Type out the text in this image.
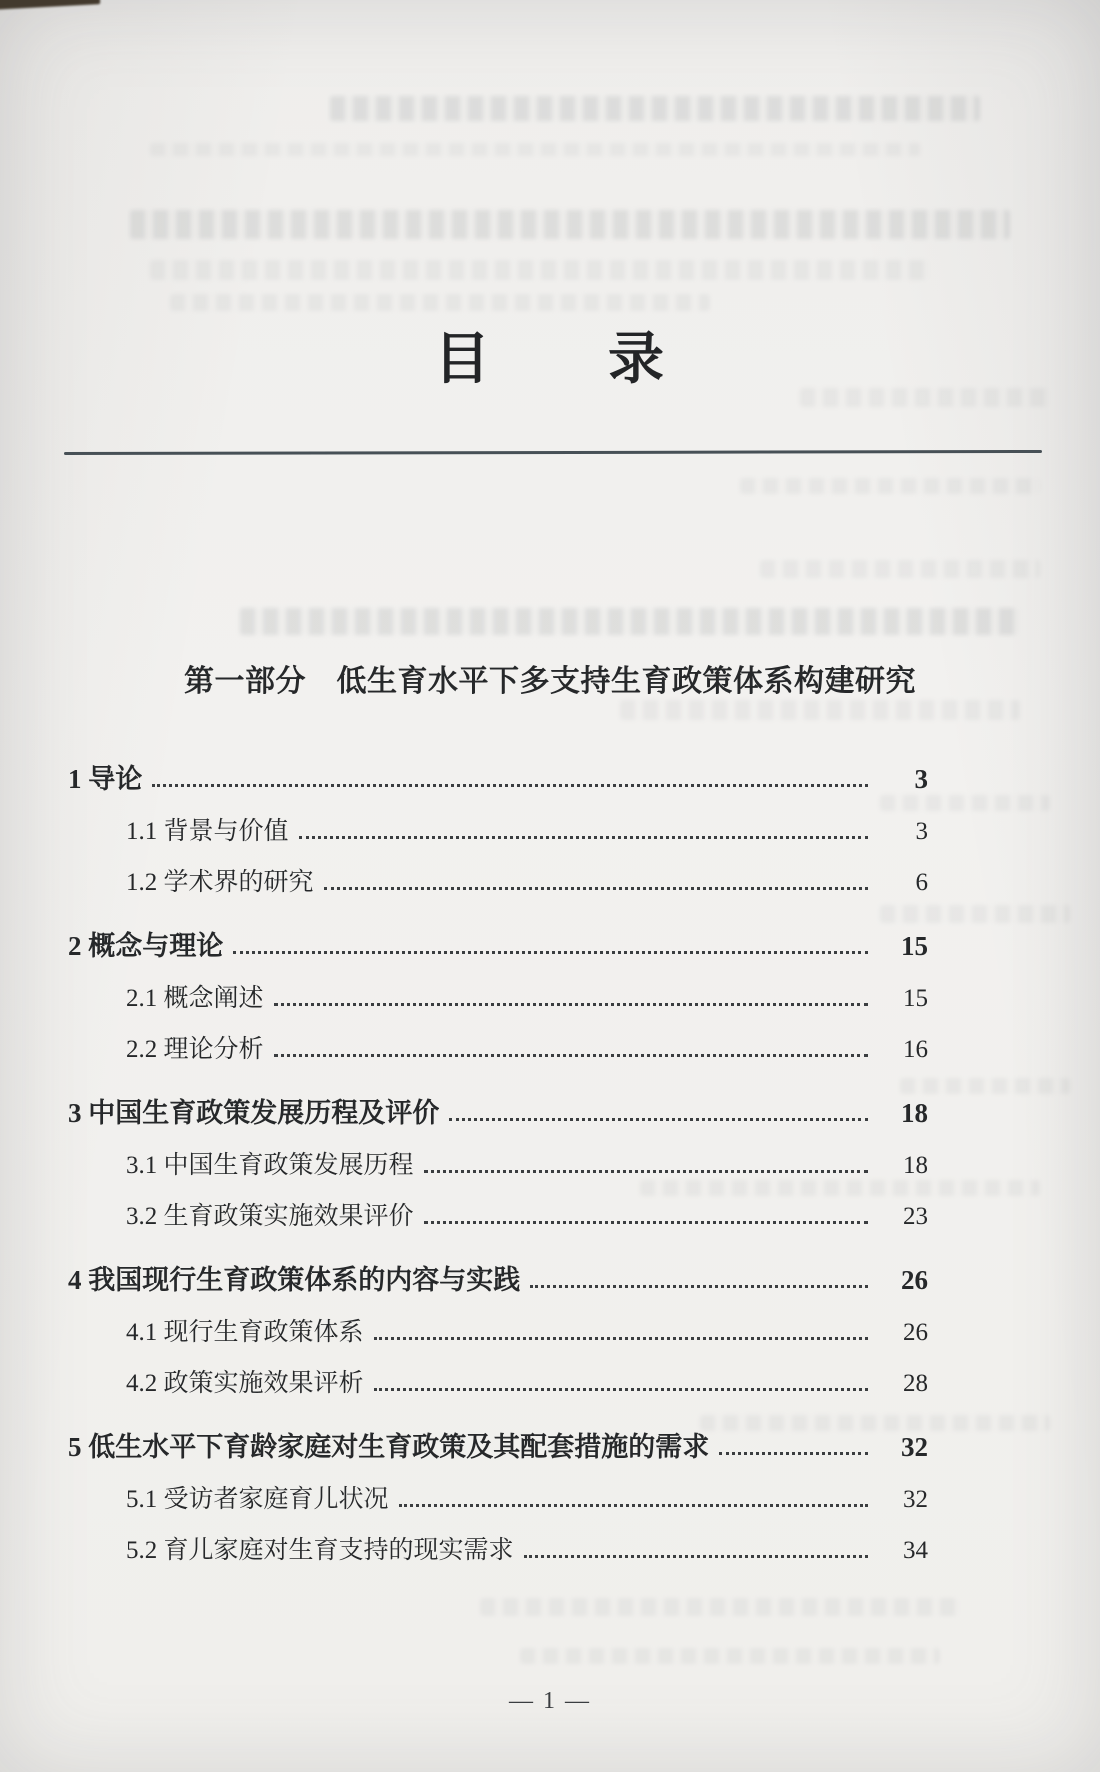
目　　录
第一部分　低生育水平下多支持生育政策体系构建研究
1 导论	3
1.1 背景与价值	3
1.2 学术界的研究	6
2 概念与理论	15
2.1 概念阐述	15
2.2 理论分析	16
3 中国生育政策发展历程及评价	18
3.1 中国生育政策发展历程	18
3.2 生育政策实施效果评价	23
4 我国现行生育政策体系的内容与实践	26
4.1 现行生育政策体系	26
4.2 政策实施效果评析	28
5 低生水平下育龄家庭对生育政策及其配套措施的需求	32
5.1 受访者家庭育儿状况	32
5.2 育儿家庭对生育支持的现实需求	34
— 1 —
